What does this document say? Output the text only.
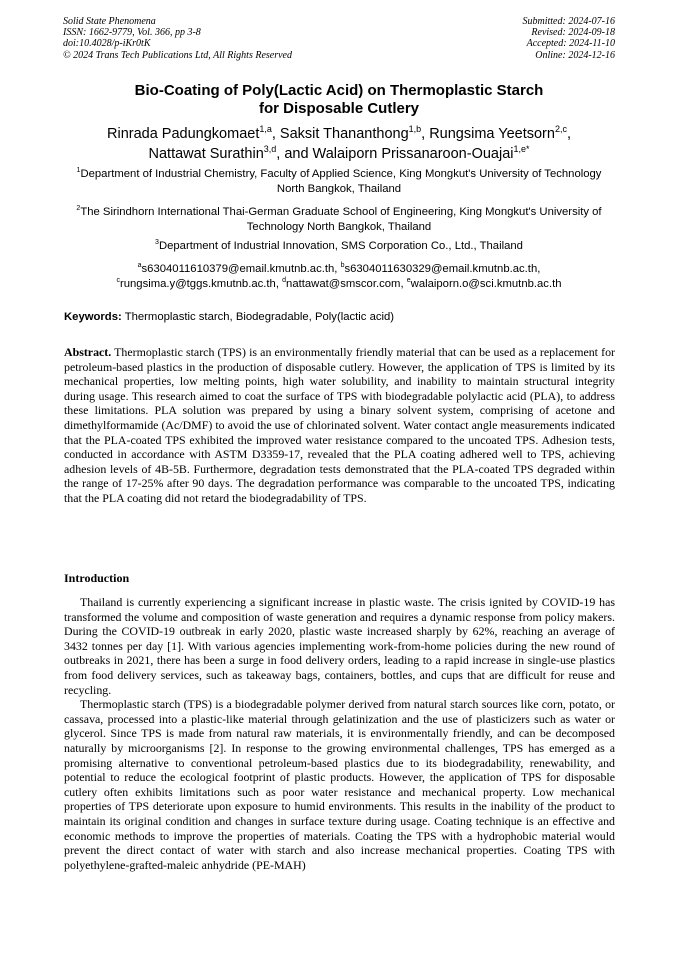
Solid State Phenomena
ISSN: 1662-9779, Vol. 366, pp 3-8
doi:10.4028/p-iKr0tK
© 2024 Trans Tech Publications Ltd, All Rights Reserved
Submitted: 2024-07-16
Revised: 2024-09-18
Accepted: 2024-11-10
Online: 2024-12-16
Bio-Coating of Poly(Lactic Acid) on Thermoplastic Starch
for Disposable Cutlery
Rinrada Padungkomaet$^{1,a}$, Saksit Thananthong$^{1,b}$, Rungsima Yeetsorn$^{2,c}$,
Nattawat Surathin$^{3,d}$, and Walaiporn Prissanaroon-Ouajai$^{1,e*}$
$^1$Department of Industrial Chemistry, Faculty of Applied Science, King Mongkut's University of Technology North Bangkok, Thailand
$^2$The Sirindhorn International Thai-German Graduate School of Engineering, King Mongkut's University of Technology North Bangkok, Thailand
$^3$Department of Industrial Innovation, SMS Corporation Co., Ltd., Thailand
$^a$s6304011610379@email.kmutnb.ac.th, $^b$s6304011630329@email.kmutnb.ac.th,
$^c$rungsima.y@tggs.kmutnb.ac.th, $^d$nattawat@smscor.com, $^e$walaiporn.o@sci.kmutnb.ac.th
Keywords: Thermoplastic starch, Biodegradable, Poly(lactic acid)
Abstract. Thermoplastic starch (TPS) is an environmentally friendly material that can be used as a replacement for petroleum-based plastics in the production of disposable cutlery. However, the application of TPS is limited by its mechanical properties, low melting points, high water solubility, and inability to maintain structural integrity during usage. This research aimed to coat the surface of TPS with biodegradable polylactic acid (PLA), to address these limitations. PLA solution was prepared by using a binary solvent system, comprising of acetone and dimethylformamide (Ac/DMF) to avoid the use of chlorinated solvent. Water contact angle measurements indicated that the PLA-coated TPS exhibited the improved water resistance compared to the uncoated TPS. Adhesion tests, conducted in accordance with ASTM D3359-17, revealed that the PLA coating adhered well to TPS, achieving adhesion levels of 4B-5B. Furthermore, degradation tests demonstrated that the PLA-coated TPS degraded within the range of 17-25% after 90 days. The degradation performance was comparable to the uncoated TPS, indicating that the PLA coating did not retard the biodegradability of TPS.
Introduction

Thailand is currently experiencing a significant increase in plastic waste. The crisis ignited by COVID-19 has transformed the volume and composition of waste generation and requires a dynamic response from policy makers. During the COVID-19 outbreak in early 2020, plastic waste increased sharply by 62%, reaching an average of 3432 tonnes per day [1]. With various agencies implementing work-from-home policies during the new round of outbreaks in 2021, there has been a surge in food delivery orders, leading to a rapid increase in single-use plastics from food delivery services, such as takeaway bags, containers, bottles, and cups that are difficult for reuse and recycling.

Thermoplastic starch (TPS) is a biodegradable polymer derived from natural starch sources like corn, potato, or cassava, processed into a plastic-like material through gelatinization and the use of plasticizers such as water or glycerol. Since TPS is made from natural raw materials, it is environmentally friendly, and can be decomposed naturally by microorganisms [2]. In response to the growing environmental challenges, TPS has emerged as a promising alternative to conventional petroleum-based plastics due to its biodegradability, renewability, and potential to reduce the ecological footprint of plastic products. However, the application of TPS for disposable cutlery often exhibits limitations such as poor water resistance and mechanical property. Low mechanical properties of TPS deteriorate upon exposure to humid environments. This results in the inability of the product to maintain its original condition and changes in surface texture during usage. Coating technique is an effective and economic methods to improve the properties of materials. Coating the TPS with a hydrophobic material would prevent the direct contact of water with starch and also increase mechanical properties. Coating TPS with polyethylene-grafted-maleic anhydride (PE-MAH)
